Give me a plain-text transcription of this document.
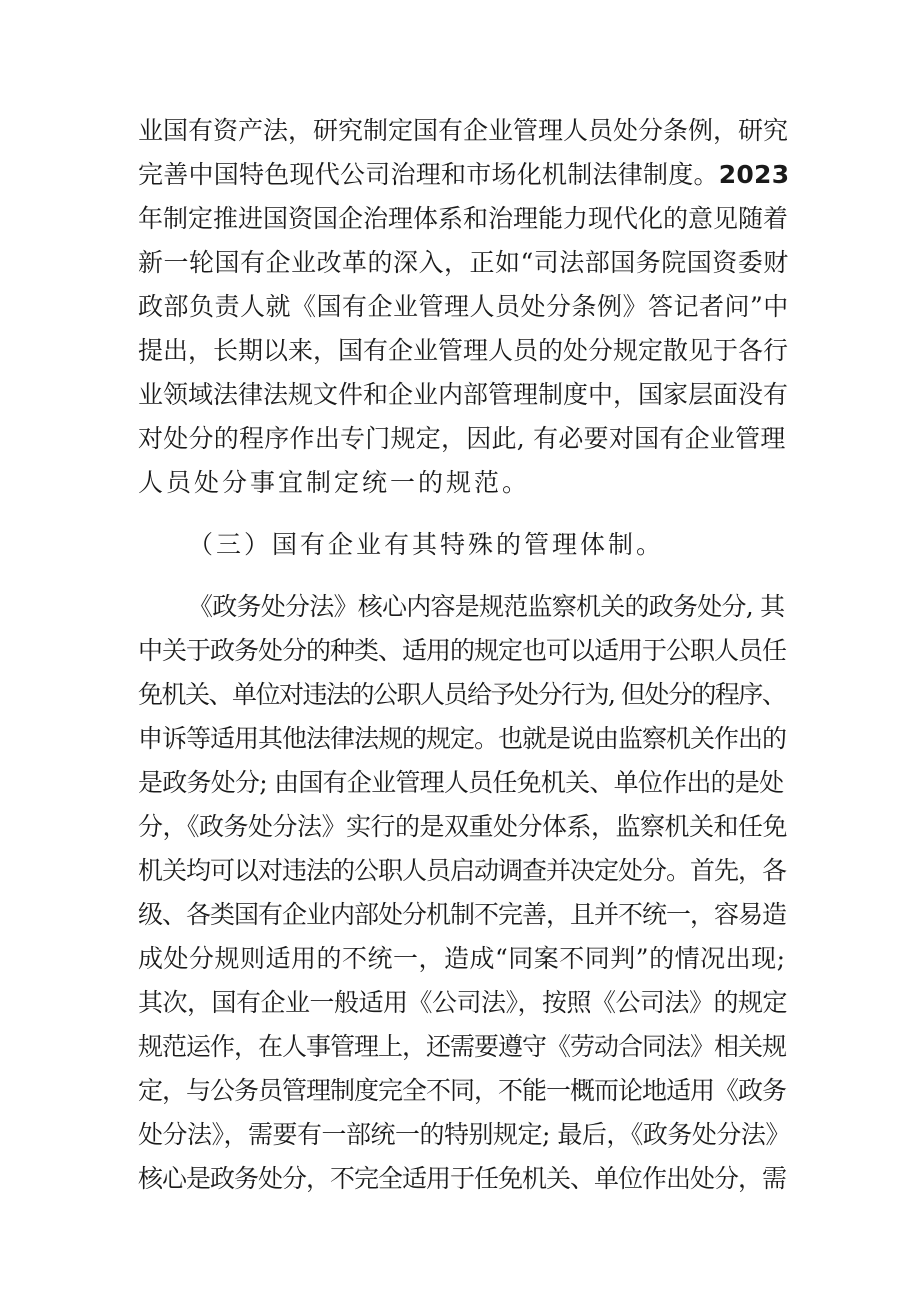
业国有资产法，研究制定国有企业管理人员处分条例，研究
完善中国特色现代公司治理和市场化机制法律制度。2023
年制定推进国资国企治理体系和治理能力现代化的意见随着
新一轮国有企业改革的深入，正如“司法部国务院国资委财
政部负责人就《国有企业管理人员处分条例》答记者问”中
提出，长期以来，国有企业管理人员的处分规定散见于各行
业领域法律法规文件和企业内部管理制度中，国家层面没有
对处分的程序作出专门规定，因此, 有必要对国有企业管理
人员处分事宜制定统一的规范。
（三）国有企业有其特殊的管理体制。
《政务处分法》核心内容是规范监察机关的政务处分, 其
中关于政务处分的种类、适用的规定也可以适用于公职人员任
免机关、单位对违法的公职人员给予处分行为, 但处分的程序、
申诉等适用其他法律法规的规定。也就是说由监察机关作出的
是政务处分; 由国有企业管理人员任免机关、单位作出的是处
分，《政务处分法》实行的是双重处分体系，监察机关和任免
机关均可以对违法的公职人员启动调查并决定处分。首先，各
级、各类国有企业内部处分机制不完善，且并不统一，容易造
成处分规则适用的不统一，造成“同案不同判”的情况出现;
其次，国有企业一般适用《公司法》，按照《公司法》的规定
规范运作，在人事管理上，还需要遵守《劳动合同法》相关规
定，与公务员管理制度完全不同，不能一概而论地适用《政务
处分法》，需要有一部统一的特别规定; 最后，《政务处分法》
核心是政务处分，不完全适用于任免机关、单位作出处分，需
